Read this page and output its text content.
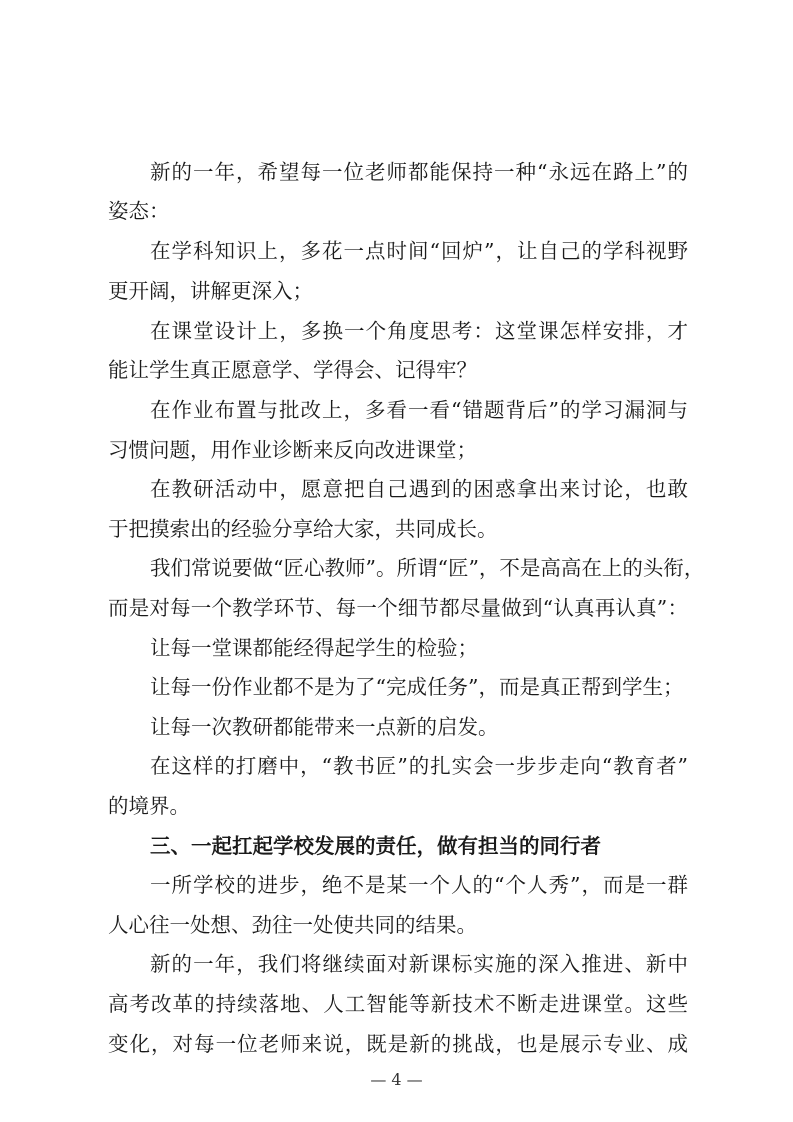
新的一年，希望每一位老师都能保持一种“永远在路上”的
姿态：
在学科知识上，多花一点时间“回炉”，让自己的学科视野
更开阔，讲解更深入；
在课堂设计上，多换一个角度思考：这堂课怎样安排，才
能让学生真正愿意学、学得会、记得牢？
在作业布置与批改上，多看一看“错题背后”的学习漏洞与
习惯问题，用作业诊断来反向改进课堂；
在教研活动中，愿意把自己遇到的困惑拿出来讨论，也敢
于把摸索出的经验分享给大家，共同成长。
我们常说要做“匠心教师”。所谓“匠”，不是高高在上的头衔，
而是对每一个教学环节、每一个细节都尽量做到“认真再认真”：
让每一堂课都能经得起学生的检验；
让每一份作业都不是为了“完成任务”，而是真正帮到学生；
让每一次教研都能带来一点新的启发。
在这样的打磨中，“教书匠”的扎实会一步步走向“教育者”
的境界。
三、一起扛起学校发展的责任，做有担当的同行者
一所学校的进步，绝不是某一个人的“个人秀”，而是一群
人心往一处想、劲往一处使共同的结果。
新的一年，我们将继续面对新课标实施的深入推进、新中
高考改革的持续落地、人工智能等新技术不断走进课堂。这些
变化，对每一位老师来说，既是新的挑战，也是展示专业、成
— 4 —
